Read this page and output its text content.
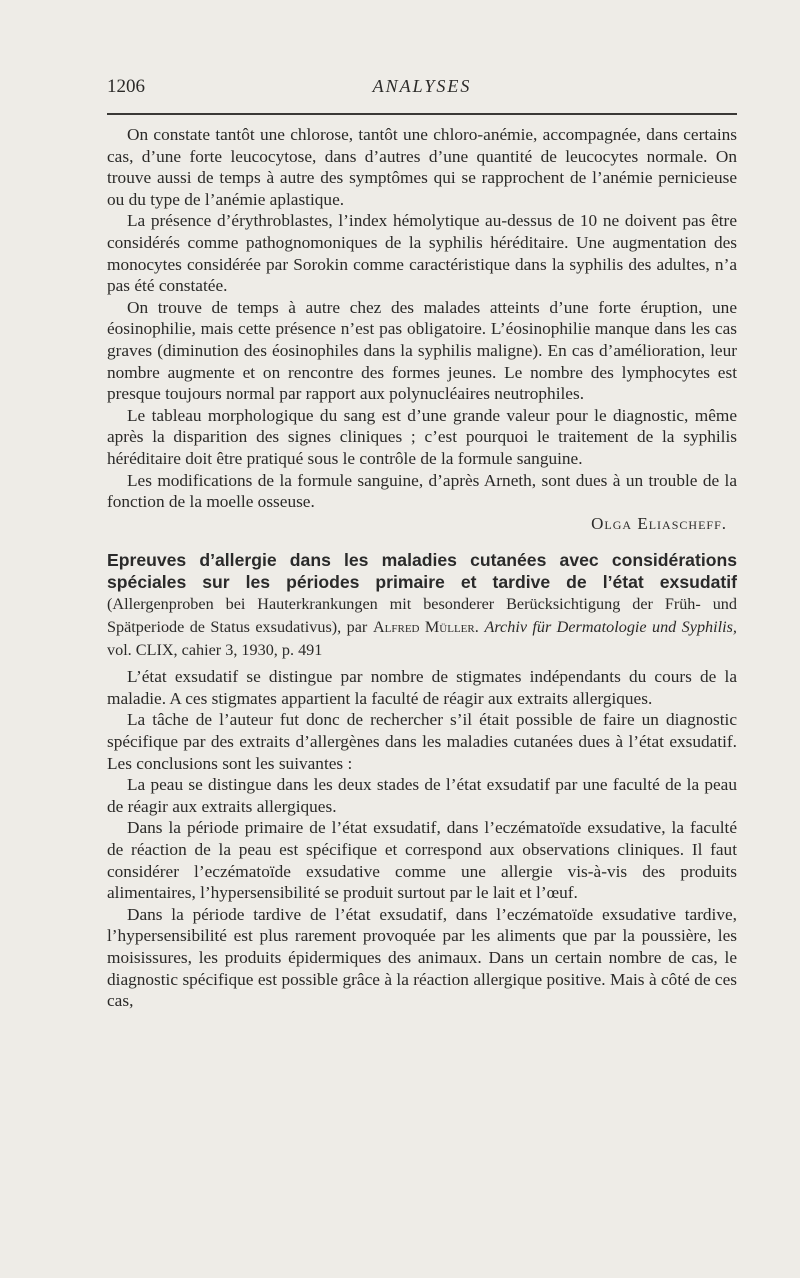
1206	ANALYSES

On constate tantôt une chlorose, tantôt une chloro-anémie, accompagnée, dans certains cas, d’une forte leucocytose, dans d’autres d’une quantité de leucocytes normale. On trouve aussi de temps à autre des symptômes qui se rapprochent de l’anémie pernicieuse ou du type de l’anémie aplastique.

La présence d’érythroblastes, l’index hémolytique au-dessus de 10 ne doivent pas être considérés comme pathognomoniques de la syphilis héréditaire. Une augmentation des monocytes considérée par Sorokin comme caractéristique dans la syphilis des adultes, n’a pas été constatée.

On trouve de temps à autre chez des malades atteints d’une forte éruption, une éosinophilie, mais cette présence n’est pas obligatoire. L’éosinophilie manque dans les cas graves (diminution des éosinophiles dans la syphilis maligne). En cas d’amélioration, leur nombre augmente et on rencontre des formes jeunes. Le nombre des lymphocytes est presque toujours normal par rapport aux polynucléaires neutrophiles.

Le tableau morphologique du sang est d’une grande valeur pour le diagnostic, même après la disparition des signes cliniques ; c’est pourquoi le traitement de la syphilis héréditaire doit être pratiqué sous le contrôle de la formule sanguine.

Les modifications de la formule sanguine, d’après Arneth, sont dues à un trouble de la fonction de la moelle osseuse.

Olga Eliascheff.
Epreuves d’allergie dans les maladies cutanées avec considérations spéciales sur les périodes primaire et tardive de l’état exsudatif (Allergenproben bei Hauterkrankungen mit besonderer Berücksichtigung der Früh- und Spätperiode de Status exsudativus), par Alfred Müller. Archiv für Dermatologie und Syphilis, vol. CLIX, cahier 3, 1930, p. 491

L’état exsudatif se distingue par nombre de stigmates indépendants du cours de la maladie. A ces stigmates appartient la faculté de réagir aux extraits allergiques.

La tâche de l’auteur fut donc de rechercher s’il était possible de faire un diagnostic spécifique par des extraits d’allergènes dans les maladies cutanées dues à l’état exsudatif. Les conclusions sont les suivantes :

La peau se distingue dans les deux stades de l’état exsudatif par une faculté de la peau de réagir aux extraits allergiques.

Dans la période primaire de l’état exsudatif, dans l’eczématoïde exsudative, la faculté de réaction de la peau est spécifique et correspond aux observations cliniques. Il faut considérer l’eczématoïde exsudative comme une allergie vis-à-vis des produits alimentaires, l’hypersensibilité se produit surtout par le lait et l’œuf.

Dans la période tardive de l’état exsudatif, dans l’eczématoïde exsudative tardive, l’hypersensibilité est plus rarement provoquée par les aliments que par la poussière, les moisissures, les produits épidermiques des animaux. Dans un certain nombre de cas, le diagnostic spécifique est possible grâce à la réaction allergique positive. Mais à côté de ces cas,
